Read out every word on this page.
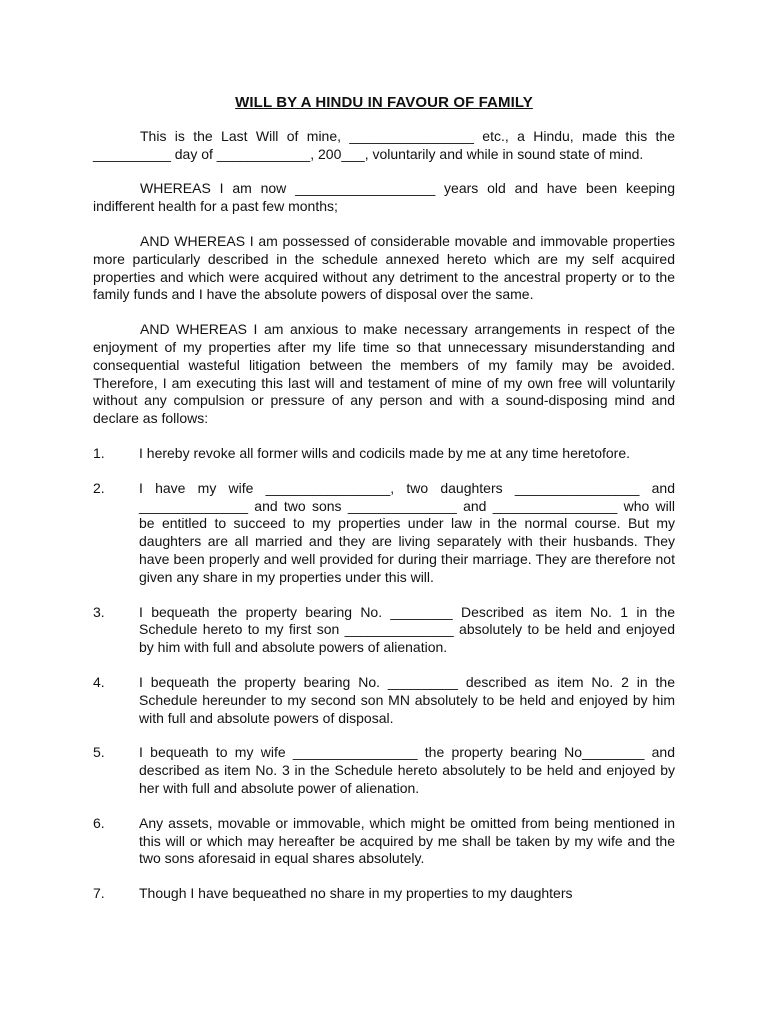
WILL BY A HINDU IN FAVOUR OF FAMILY

This is the Last Will of mine, ________________ etc., a Hindu, made this the __________ day of ____________, 200___, voluntarily and while in sound state of mind.

WHEREAS I am now __________________ years old and have been keeping indifferent health for a past few months;

AND WHEREAS I am possessed of considerable movable and immovable properties more particularly described in the schedule annexed hereto which are my self acquired properties and which were acquired without any detriment to the ancestral property or to the family funds and I have the absolute powers of disposal over the same.

AND WHEREAS I am anxious to make necessary arrangements in respect of the enjoyment of my properties after my life time so that unnecessary misunderstanding and consequential wasteful litigation between the members of my family may be avoided. Therefore, I am executing this last will and testament of mine of my own free will voluntarily without any compulsion or pressure of any person and with a sound-disposing mind and declare as follows:

1.	I hereby revoke all former wills and codicils made by me at any time heretofore.
2.	I have my wife ________________, two daughters ________________ and ______________ and two sons ______________ and ________________ who will be entitled to succeed to my properties under law in the normal course. But my daughters are all married and they are living separately with their husbands. They have been properly and well provided for during their marriage. They are therefore not given any share in my properties under this will.
3.	I bequeath the property bearing No. ________ Described as item No. 1 in the Schedule hereto to my first son ______________ absolutely to be held and enjoyed by him with full and absolute powers of alienation.
4.	I bequeath the property bearing No. _________ described as item No. 2 in the Schedule hereunder to my second son MN absolutely to be held and enjoyed by him with full and absolute powers of disposal.
5.	I bequeath to my wife ________________ the property bearing No________ and described as item No. 3 in the Schedule hereto absolutely to be held and enjoyed by her with full and absolute power of alienation.
6.	Any assets, movable or immovable, which might be omitted from being mentioned in this will or which may hereafter be acquired by me shall be taken by my wife and the two sons aforesaid in equal shares absolutely.
7.	Though I have bequeathed no share in my properties to my daughters
